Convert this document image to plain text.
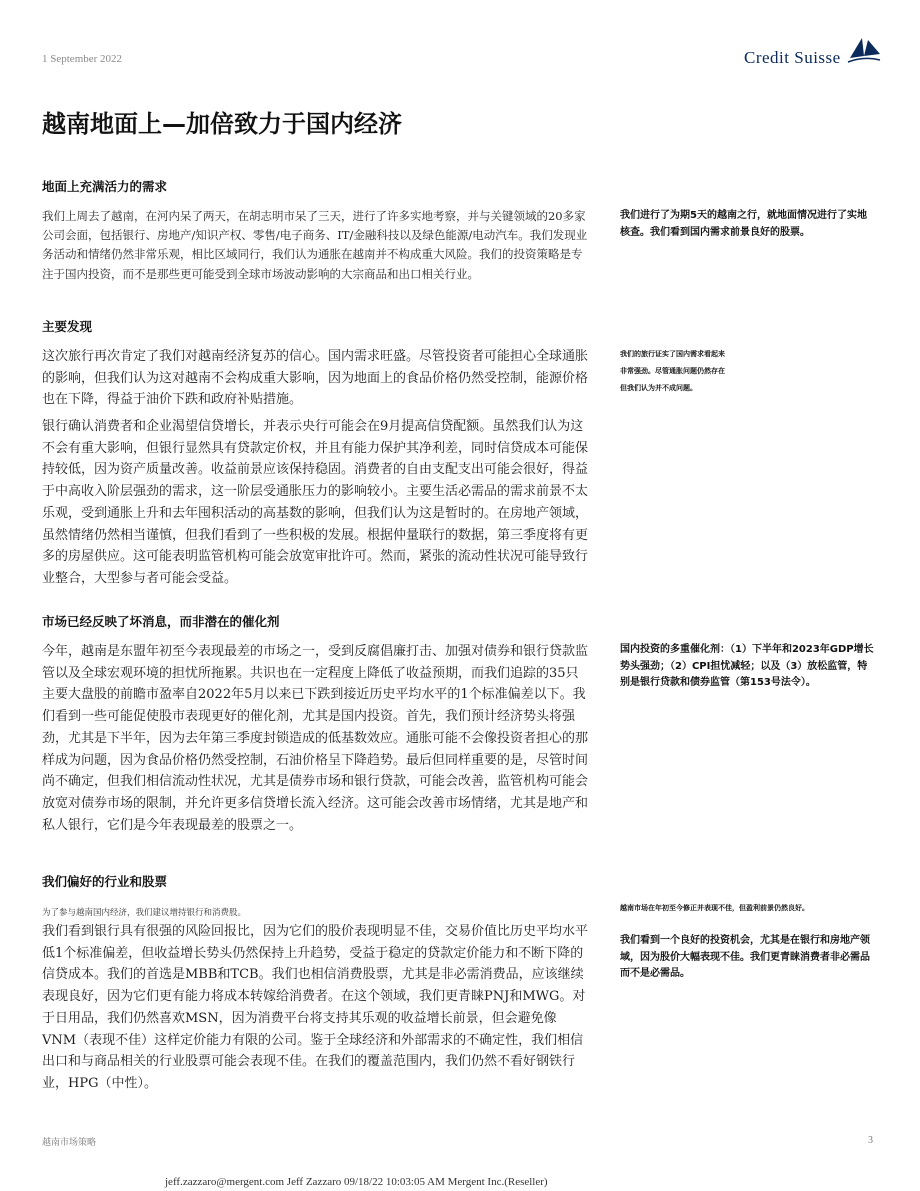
1 September 2022	Credit Suisse
越南地面上—加倍致力于国内经济
地面上充满活力的需求

我们上周去了越南，在河内呆了两天，在胡志明市呆了三天，进行了许多实地考察，并与关键领域的20多家公司会面，包括银行、房地产/知识产权、零售/电子商务、IT/金融科技以及绿色能源/电动汽车。我们发现业务活动和情绪仍然非常乐观，相比区域同行，我们认为通胀在越南并不构成重大风险。我们的投资策略是专注于国内投资，而不是那些更可能受到全球市场波动影响的大宗商品和出口相关行业。

主要发现

这次旅行再次肯定了我们对越南经济复苏的信心。国内需求旺盛。尽管投资者可能担心全球通胀的影响，但我们认为这对越南不会构成重大影响，因为地面上的食品价格仍然受控制，能源价格也在下降，得益于油价下跌和政府补贴措施。

银行确认消费者和企业渴望信贷增长，并表示央行可能会在9月提高信贷配额。虽然我们认为这不会有重大影响，但银行显然具有贷款定价权，并且有能力保护其净利差，同时信贷成本可能保持较低，因为资产质量改善。收益前景应该保持稳固。消费者的自由支配支出可能会很好，得益于中高收入阶层强劲的需求，这一阶层受通胀压力的影响较小。主要生活必需品的需求前景不太乐观，受到通胀上升和去年囤积活动的高基数的影响，但我们认为这是暂时的。在房地产领域，虽然情绪仍然相当谨慎，但我们看到了一些积极的发展。根据仲量联行的数据，第三季度将有更多的房屋供应。这可能表明监管机构可能会放宽审批许可。然而，紧张的流动性状况可能导致行业整合，大型参与者可能会受益。

市场已经反映了坏消息，而非潜在的催化剂

今年，越南是东盟年初至今表现最差的市场之一，受到反腐倡廉打击、加强对债券和银行贷款监管以及全球宏观环境的担忧所拖累。共识也在一定程度上降低了收益预期，而我们追踪的35只主要大盘股的前瞻市盈率自2022年5月以来已下跌到接近历史平均水平的1个标准偏差以下。我们看到一些可能促使股市表现更好的催化剂，尤其是国内投资。首先，我们预计经济势头将强劲，尤其是下半年，因为去年第三季度封锁造成的低基数效应。通胀可能不会像投资者担心的那样成为问题，因为食品价格仍然受控制，石油价格呈下降趋势。最后但同样重要的是，尽管时间尚不确定，但我们相信流动性状况，尤其是债券市场和银行贷款，可能会改善，监管机构可能会放宽对债券市场的限制，并允许更多信贷增长流入经济。这可能会改善市场情绪，尤其是地产和私人银行，它们是今年表现最差的股票之一。

我们偏好的行业和股票
为了参与越南国内经济，我们建议增持银行和消费股。

我们看到银行具有很强的风险回报比，因为它们的股价表现明显不佳，交易价值比历史平均水平低1个标准偏差，但收益增长势头仍然保持上升趋势，受益于稳定的贷款定价能力和不断下降的信贷成本。我们的首选是MBB和TCB。我们也相信消费股票，尤其是非必需消费品，应该继续表现良好，因为它们更有能力将成本转嫁给消费者。在这个领域，我们更青睐PNJ和MWG。对于日用品，我们仍然喜欢MSN，因为消费平台将支持其乐观的收益增长前景，但会避免像VNM（表现不佳）这样定价能力有限的公司。鉴于全球经济和外部需求的不确定性，我们相信出口和与商品相关的行业股票可能会表现不佳。在我们的覆盖范围内，我们仍然不看好钢铁行业，HPG（中性）。

我们进行了为期5天的越南之行，就地面情况进行了实地核查。我们看到国内需求前景良好的股票。
我们的旅行证实了国内需求看起来
非常强劲。尽管通胀问题仍然存在
但我们认为并不成问题。
国内投资的多重催化剂：（1）下半年和2023年GDP增长势头强劲；（2）CPI担忧减轻；以及（3）放松监管，特别是银行贷款和债券监管（第153号法令）。
越南市场在年初至今修正并表现不佳，但盈利前景仍然良好。
我们看到一个良好的投资机会，尤其是在银行和房地产领域，因为股价大幅表现不佳。我们更青睐消费者非必需品而不是必需品。
越南市场策略	3
jeff.zazzaro@mergent.com Jeff Zazzaro 09/18/22 10:03:05 AM Mergent Inc.(Reseller)
